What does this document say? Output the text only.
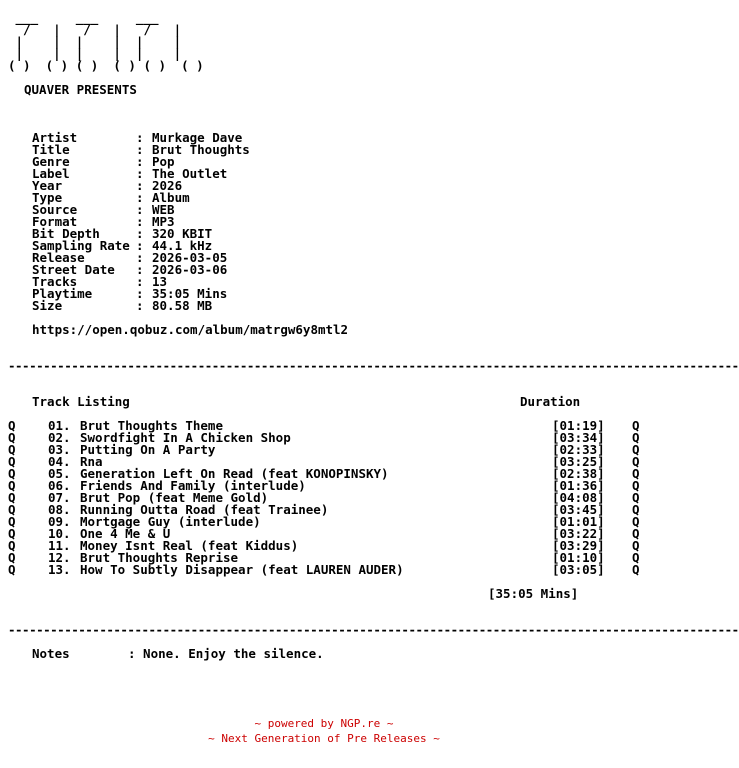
___     ___     ___
/   |   /   |   /   |
|    |  |    |  |    |
|    |  |    |  |    |
( )  ( ) ( )  ( ) ( )  ( )

QUAVER PRESENTS

Artist	: Murkage Dave
Title	: Brut Thoughts
Genre	: Pop
Label	: The Outlet
Year	: 2026
Type	: Album
Source	: WEB
Format	: MP3
Bit Depth	: 320 KBIT
Sampling Rate : 44.1 kHz
Release	: 2026-03-05
Street Date : 2026-03-06
Tracks	: 13
Playtime	: 35:05 Mins
Size	: 80.58 MB

https://open.qobuz.com/album/matrgw6y8mtl2

--------------------------------------------------------------------------------------------------------

Track Listing

	Duration

Q	01. Brut Thoughts Theme	[01:19] Q
Q	02. Swordfight In A Chicken Shop	[03:34] Q
Q	03. Putting On A Party	[02:33] Q
Q	04. Rna	[03:25] Q
Q	05. Generation Left On Read (feat KONOPINSKY)	[02:38] Q
Q	06. Friends And Family (interlude)	[01:36] Q
Q	07. Brut Pop (feat Meme Gold)	[04:08] Q
Q	08. Running Outta Road (feat Trainee)	[03:45] Q
Q	09. Mortgage Guy (interlude)	[01:01] Q
Q	10. One 4 Me & U	[03:22] Q
Q	11. Money Isnt Real (feat Kiddus)	[03:29] Q
Q	12. Brut Thoughts Reprise	[01:10] Q
Q	13. How To Subtly Disappear (feat LAUREN AUDER)	[03:05] Q

[35:05 Mins]

--------------------------------------------------------------------------------------------------------

Notes

	: None. Enjoy the silence.

~ powered by NGP.re ~
~ Next Generation of Pre Releases ~
